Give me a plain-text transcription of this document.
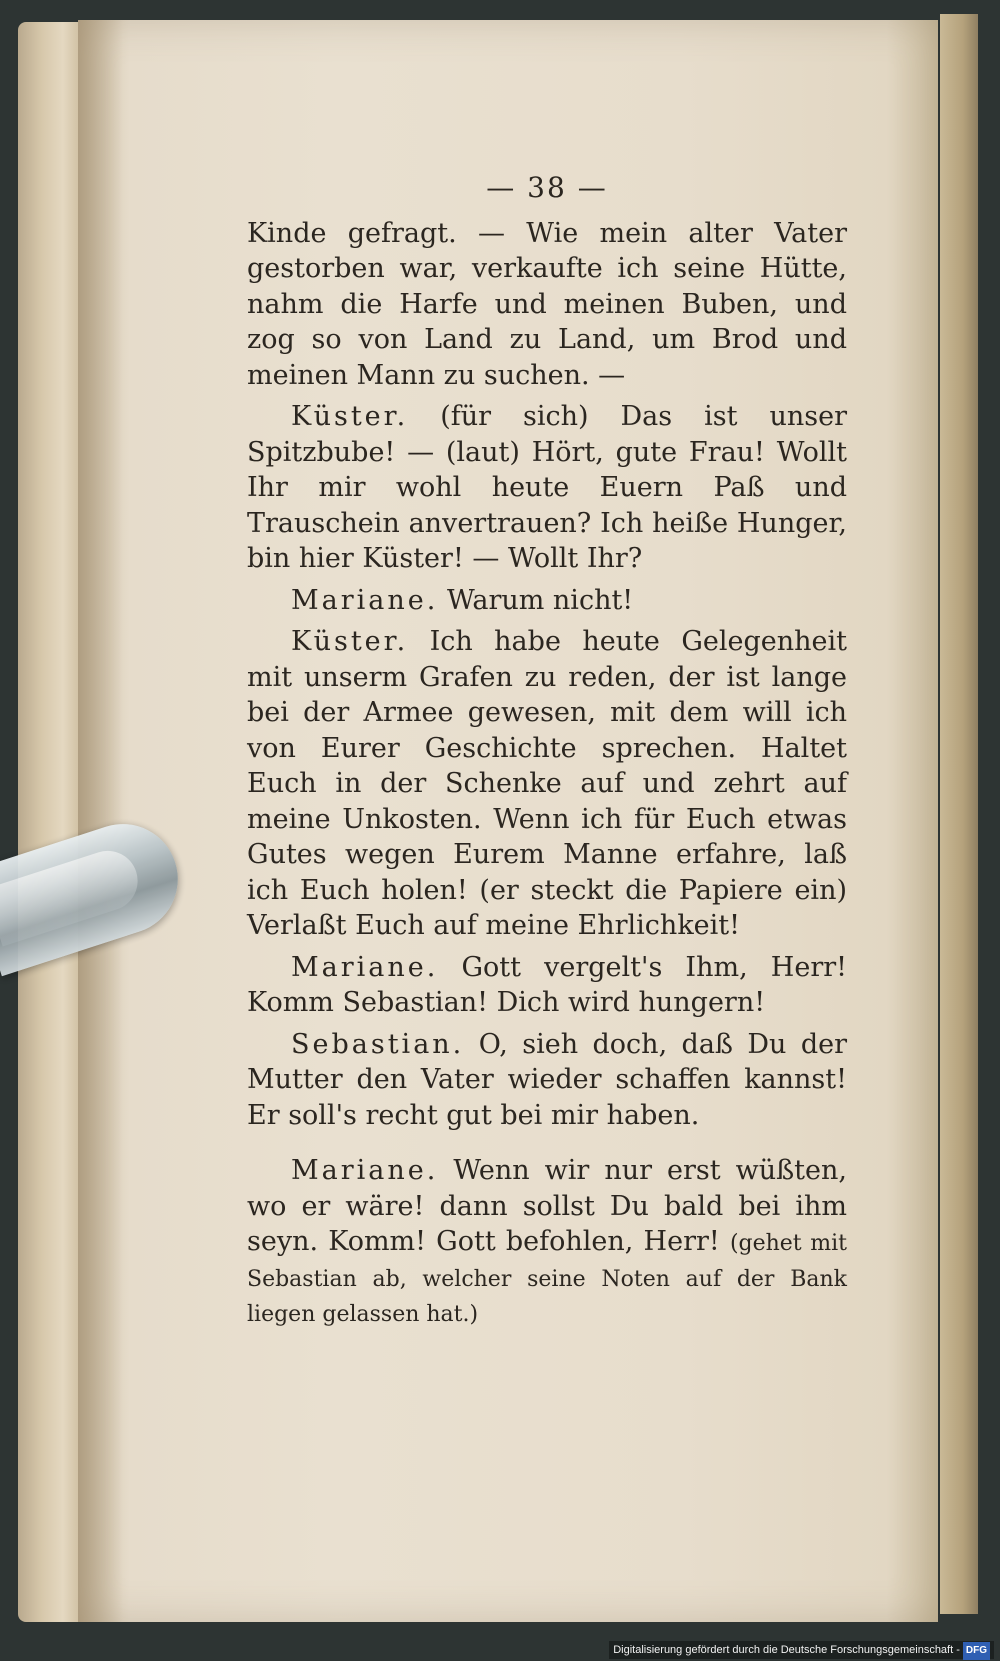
— 38 —

Kinde gefragt. — Wie mein alter Vater gestorben war, verkaufte ich seine Hütte, nahm die Harfe und meinen Buben, und zog so von Land zu Land, um Brod und meinen Mann zu suchen. —

Küster. (für sich) Das ist unser Spitzbube! — (laut) Hört, gute Frau! Wollt Ihr mir wohl heute Euern Paß und Trauschein anvertrauen? Ich heiße Hunger, bin hier Küster! — Wollt Ihr?

Mariane. Warum nicht!

Küster. Ich habe heute Gelegenheit mit unserm Grafen zu reden, der ist lange bei der Armee gewesen, mit dem will ich von Eurer Geschichte sprechen. Haltet Euch in der Schenke auf und zehrt auf meine Unkosten. Wenn ich für Euch etwas Gutes wegen Eurem Manne erfahre, laß ich Euch holen! (er steckt die Papiere ein) Verlaßt Euch auf meine Ehrlichkeit!

Mariane. Gott vergelt's Ihm, Herr! Komm Sebastian! Dich wird hungern!

Sebastian. O, sieh doch, daß Du der Mutter den Vater wieder schaffen kannst! Er soll's recht gut bei mir haben.

Mariane. Wenn wir nur erst wüßten, wo er wäre! dann sollst Du bald bei ihm seyn. Komm! Gott befohlen, Herr! (gehet mit Sebastian ab, welcher seine Noten auf der Bank liegen gelassen hat.)

Digitalisierung gefördert durch die Deutsche Forschungsgemeinschaft - DFG
